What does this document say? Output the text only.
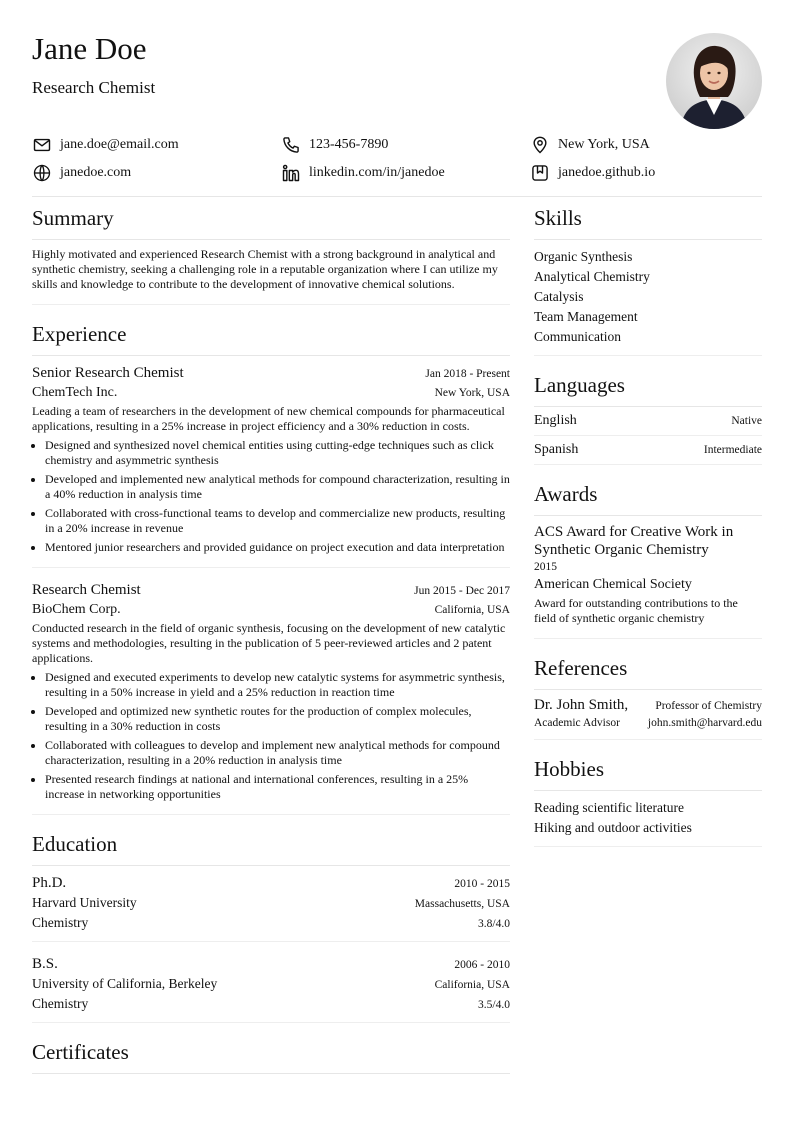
Jane Doe
Research Chemist
jane.doe@email.com	123-456-7890	New York, USA
janedoe.com	linkedin.com/in/janedoe	janedoe.github.io
Summary
Highly motivated and experienced Research Chemist with a strong background in analytical and synthetic chemistry, seeking a challenging role in a reputable organization where I can utilize my skills and knowledge to contribute to the development of innovative chemical solutions.
Experience
Senior Research Chemist	Jan 2018 - Present
ChemTech Inc.	New York, USA
Leading a team of researchers in the development of new chemical compounds for pharmaceutical applications, resulting in a 25% increase in project efficiency and a 30% reduction in costs.
• Designed and synthesized novel chemical entities using cutting-edge techniques such as click chemistry and asymmetric synthesis
• Developed and implemented new analytical methods for compound characterization, resulting in a 40% reduction in analysis time
• Collaborated with cross-functional teams to develop and commercialize new products, resulting in a 20% increase in revenue
• Mentored junior researchers and provided guidance on project execution and data interpretation
Research Chemist	Jun 2015 - Dec 2017
BioChem Corp.	California, USA
Conducted research in the field of organic synthesis, focusing on the development of new catalytic systems and methodologies, resulting in the publication of 5 peer-reviewed articles and 2 patent applications.
• Designed and executed experiments to develop new catalytic systems for asymmetric synthesis, resulting in a 50% increase in yield and a 25% reduction in reaction time
• Developed and optimized new synthetic routes for the production of complex molecules, resulting in a 30% reduction in costs
• Collaborated with colleagues to develop and implement new analytical methods for compound characterization, resulting in a 20% reduction in analysis time
• Presented research findings at national and international conferences, resulting in a 25% increase in networking opportunities
Education
Ph.D.	2010 - 2015
Harvard University	Massachusetts, USA
Chemistry	3.8/4.0
B.S.	2006 - 2010
University of California, Berkeley	California, USA
Chemistry	3.5/4.0
Certificates
Skills
Organic Synthesis
Analytical Chemistry
Catalysis
Team Management
Communication
Languages
English	Native
Spanish	Intermediate
Awards
ACS Award for Creative Work in Synthetic Organic Chemistry
2015
American Chemical Society
Award for outstanding contributions to the field of synthetic organic chemistry
References
Dr. John Smith, Professor of Chemistry
Academic Advisor john.smith@harvard.edu
Hobbies
Reading scientific literature
Hiking and outdoor activities
